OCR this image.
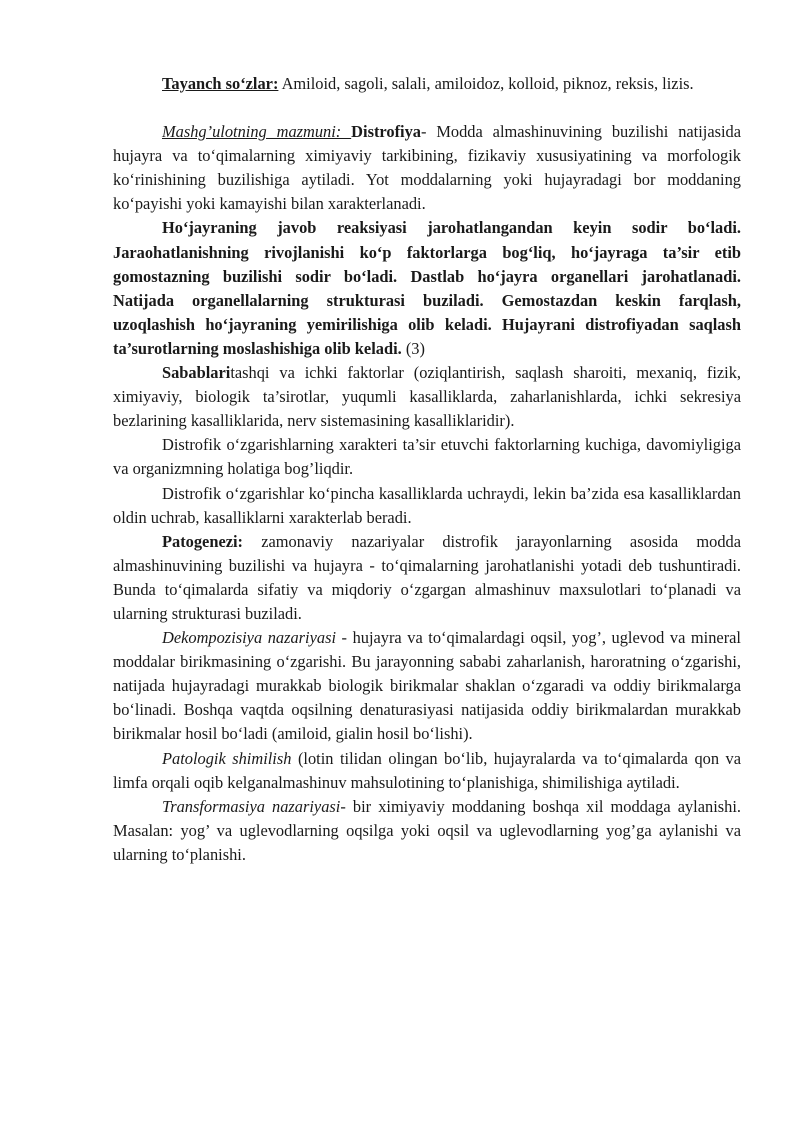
Tayanch so‘zlar: Amiloid, sagoli, salali, amiloidoz, kolloid, piknoz, reksis, lizis.

Mashg’ulotning mazmuni: Distrofiya- Modda almashinuvining buzilishi natijasida hujayra va to‘qimalarning ximiyaviy tarkibining, fizikaviy xususiyatining va morfologik ko‘rinishining buzilishiga aytiladi. Yot moddalarning yoki hujayradagi bor moddaning ko‘payishi yoki kamayishi bilan xarakterlanadi.

Ho‘jayraning javob reaksiyasi jarohatlangandan keyin sodir bo‘ladi. Jaraohatlanishning rivojlanishi ko‘p faktorlarga bog‘liq, ho‘jayraga ta’sir etib gomostazning buzilishi sodir bo‘ladi. Dastlab ho‘jayra organellari jarohatlanadi. Natijada organellalarning strukturasi buziladi. Gemostazdan keskin farqlash, uzoqlashish ho‘jayraning yemirilishiga olib keladi. Hujayrani distrofiyadan saqlash ta’surotlarning moslashishiga olib keladi. (3)

Sabablaritashqi va ichki faktorlar (oziqlantirish, saqlash sharoiti, mexaniq, fizik, ximiyaviy, biologik ta’sirotlar, yuqumli kasalliklarda, zaharlanishlarda, ichki sekresiya bezlarining kasalliklarida, nerv sistemasining kasalliklaridir).

Distrofik o‘zgarishlarning xarakteri ta’sir etuvchi faktorlarning kuchiga, davomiyligiga va organizmning holatiga bog’liqdir.

Distrofik o‘zgarishlar ko‘pincha kasalliklarda uchraydi, lekin ba’zida esa kasalliklardan oldin uchrab, kasalliklarni xarakterlab beradi.

Patogenezi: zamonaviy nazariyalar distrofik jarayonlarning asosida modda almashinuvining buzilishi va hujayra - to‘qimalarning jarohatlanishi yotadi deb tushuntiradi. Bunda to‘qimalarda sifatiy va miqdoriy o‘zgargan almashinuv maxsulotlari to‘planadi va ularning strukturasi buziladi.

Dekompozisiya nazariyasi - hujayra va to‘qimalardagi oqsil, yog’, uglevod va mineral moddalar birikmasining o‘zgarishi. Bu jarayonning sababi zaharlanish, haroratning o‘zgarishi, natijada hujayradagi murakkab biologik birikmalar shaklan o‘zgaradi va oddiy birikmalarga bo‘linadi. Boshqa vaqtda oqsilning denaturasiyasi natijasida oddiy birikmalardan murakkab birikmalar hosil bo‘ladi (amiloid, gialin hosil bo‘lishi).

Patologik shimilish (lotin tilidan olingan bo‘lib, hujayralarda va to‘qimalarda qon va limfa orqali oqib kelganalmashinuv mahsulotining to‘planishiga, shimilishiga aytiladi.

Transformasiya nazariyasi- bir ximiyaviy moddaning boshqa xil moddaga aylanishi. Masalan: yog’ va uglevodlarning oqsilga yoki oqsil va uglevodlarning yog’ga aylanishi va ularning to‘planishi.
